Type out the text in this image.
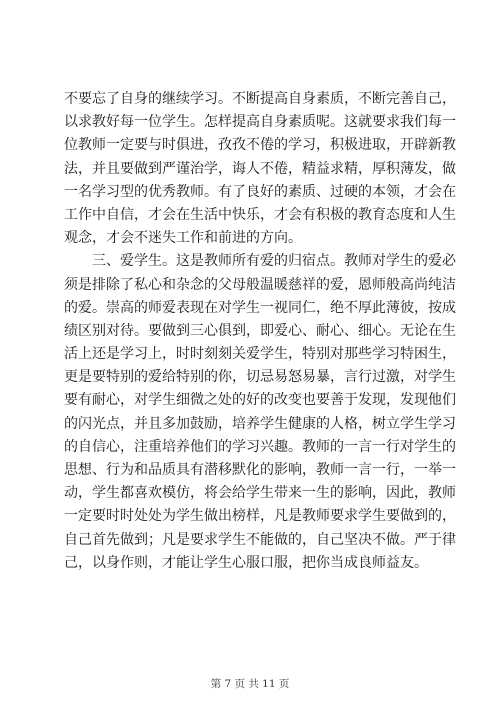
不要忘了自身的继续学习。不断提高自身素质，不断完善自己，
以求教好每一位学生。怎样提高自身素质呢。这就要求我们每一
位教师一定要与时俱进，孜孜不倦的学习，积极进取，开辟新教
法，并且要做到严谨治学，诲人不倦，精益求精，厚积薄发，做
一名学习型的优秀教师。有了良好的素质、过硬的本领，才会在
工作中自信，才会在生活中快乐，才会有积极的教育态度和人生
观念，才会不迷失工作和前进的方向。
三、爱学生。这是教师所有爱的归宿点。教师对学生的爱必
须是排除了私心和杂念的父母般温暖慈祥的爱，恩师般高尚纯洁
的爱。崇高的师爱表现在对学生一视同仁，绝不厚此薄彼，按成
绩区别对待。要做到三心俱到，即爱心、耐心、细心。无论在生
活上还是学习上，时时刻刻关爱学生，特别对那些学习特困生，
更是要特别的爱给特别的你，切忌易怒易暴，言行过激，对学生
要有耐心，对学生细微之处的好的改变也要善于发现，发现他们
的闪光点，并且多加鼓励，培养学生健康的人格，树立学生学习
的自信心，注重培养他们的学习兴趣。教师的一言一行对学生的
思想、行为和品质具有潜移默化的影响，教师一言一行，一举一
动，学生都喜欢模仿，将会给学生带来一生的影响，因此，教师
一定要时时处处为学生做出榜样，凡是教师要求学生要做到的，
自己首先做到；凡是要求学生不能做的，自己坚决不做。严于律
己，以身作则，才能让学生心服口服，把你当成良师益友。
第 7 页 共 11 页
